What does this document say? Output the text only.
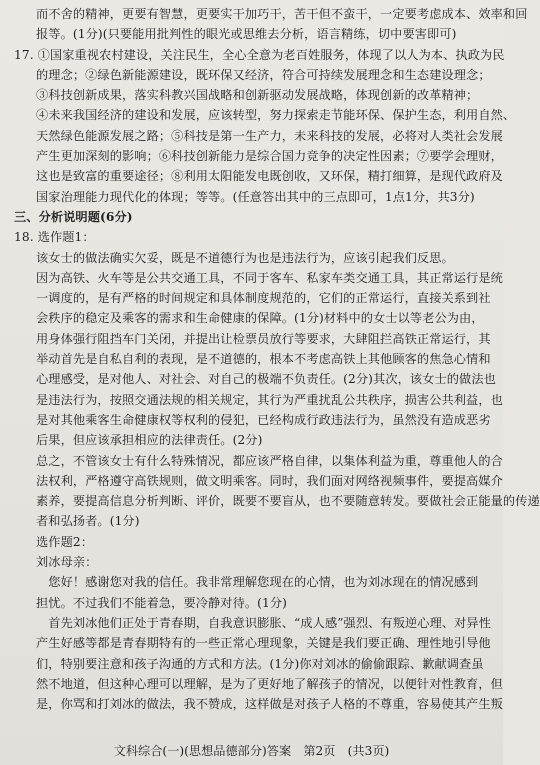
而不舍的精神，更要有智慧，更要实干加巧干，苦干但不蛮干，一定要考虑成本、效率和回
报等。(1分)(只要能用批判性的眼光或思维去分析，语言精练，切中要害即可)
17. ①国家重视农村建设，关注民生，全心全意为老百姓服务，体现了以人为本、执政为民
的理念；②绿色新能源建设，既环保又经济，符合可持续发展理念和生态建设理念；
③科技创新成果，落实科教兴国战略和创新驱动发展战略，体现创新的改革精神；
④未来我国经济的建设和发展，应该转型，努力探索走节能环保、保护生态，利用自然、
天然绿色能源发展之路；⑤科技是第一生产力，未来科技的发展，必将对人类社会发展
产生更加深刻的影响；⑥科技创新能力是综合国力竞争的决定性因素；⑦要学会理财，
这也是致富的重要途径；⑧利用太阳能发电既创收，又环保，精打细算，是现代政府及
国家治理能力现代化的体现；等等。(任意答出其中的三点即可，1点1分，共3分)
三、分析说明题(6分)
18. 选作题1：
该女士的做法确实欠妥，既是不道德行为也是违法行为，应该引起我们反思。
因为高铁、火车等是公共交通工具，不同于客车、私家车类交通工具，其正常运行是统
一调度的，是有严格的时间规定和具体制度规范的，它们的正常运行，直接关系到社
会秩序的稳定及乘客的需求和生命健康的保障。(1分)材料中的女士以等老公为由，
用身体强行阻挡车门关闭，并提出让检票员放行等要求，大肆阻拦高铁正常运行，其
举动首先是自私自利的表现，是不道德的，根本不考虑高铁上其他顾客的焦急心情和
心理感受，是对他人、对社会、对自己的极端不负责任。(2分)其次，该女士的做法也
是违法行为，按照交通法规的相关规定，其行为严重扰乱公共秩序，损害公共利益，也
是对其他乘客生命健康权等权利的侵犯，已经构成行政违法行为，虽然没有造成恶劣
后果，但应该承担相应的法律责任。(2分)
总之，不管该女士有什么特殊情况，都应该严格自律，以集体利益为重，尊重他人的合
法权利，严格遵守高铁规则，做文明乘客。同时，我们面对网络视频事件，要提高媒介
素养，要提高信息分析判断、评价，既要不要盲从，也不要随意转发。要做社会正能量的传递
者和弘扬者。(1分)
选作题2：
刘冰母亲：
　您好！感谢您对我的信任。我非常理解您现在的心情，也为刘冰现在的情况感到
担忧。不过我们不能着急，要冷静对待。(1分)
　首先刘冰他们正处于青春期，自我意识膨胀、“成人感”强烈、有叛逆心理、对异性
产生好感等都是青春期特有的一些正常心理现象，关键是我们要正确、理性地引导他
们，特别要注意和孩子沟通的方式和方法。(1分)你对刘冰的偷偷跟踪、歉献调查虽
然不地道，但这种心理可以理解，是为了更好地了解孩子的情况，以便针对性教育，但
是，你骂和打刘冰的做法，我不赞成，这样做是对孩子人格的不尊重，容易使其产生叛
文科综合(一)(思想品德部分)答案　第2页　(共3页)
